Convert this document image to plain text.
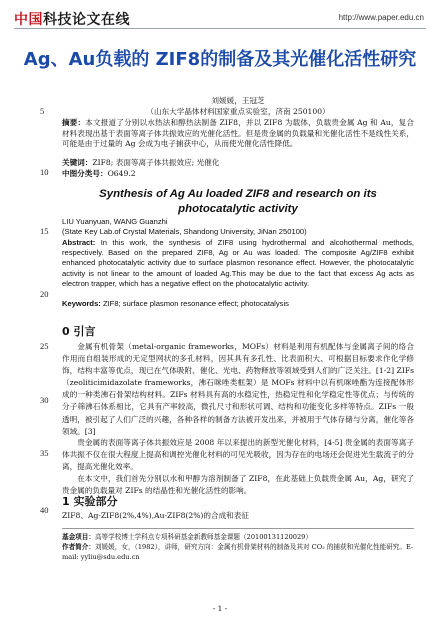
中国科技论文在线	http://www.paper.edu.cn
Ag、Au负载的 ZIF8的制备及其光催化活性研究
刘媛媛，王冠芝
（山东大学晶体材料国家重点实验室，济南 250100）
摘要：本文报道了分别以水热法和醇热法制备 ZIF8，并以 ZIF8 为载体，负载贵金属 Ag 和 Au，复合材料表现出基于表面等离子体共振效应的光催化活性。但是贵金属的负载量和光催化活性不是线性关系，可能是由于过量的 Ag 会成为电子捕获中心，从而使光催化活性降低。
关键词：ZIF8; 表面等离子体共振效应; 光催化
中图分类号：O649.2
Synthesis of Ag Au loaded ZIF8 and research on its photocatalytic activity
LIU Yuanyuan, WANG Guanzhi
(State Key Lab.of Crystal Materials, Shandong University, JiNan 250100)
Abstract: In this work, the synthesis of ZIF8 using hydrothermal and alcohothermal methods, respectively. Based on the prepared ZIF8, Ag or Au was loaded. The composite Ag/ZIF8 exhibit enhanced photocatalytic activity due to surface plasmon resonance effect. However, the photocatalytic activity is not linear to the amount of loaded Ag.This may be due to the fact that excess Ag acts as electron trapper, which has a negative effect on the photocatalytic activity.
Keywords: ZIF8; surface plasmon resonance effect; photocatalysis
0 引言
金属有机骨架（metal-organic frameworks，MOFs）材料是利用有机配体与金属离子间的络合作用而自组装形成的无定型网状的多孔材料，因其具有多孔性、比表面积大、可根据目标要求作化学修饰，结构丰富等优点，现已在气体吸附、催化、光电、药物释放等领域受到人们的广泛关注。[1-2] ZIFs（zeoliticimidazolate frameworks，沸石咪唑类框架）是 MOFs 材料中以有机咪唑酯为连接配体形成的一种类沸石骨架结构材料。ZIFs 材料具有高的水稳定性，热稳定性和化学稳定性等优点；与传统的分子筛沸石体系相比，它具有产率较高，微孔尺寸和形状可调、结构和功能变化多样等特点。ZIFs 一般透明，被引起了人们广泛的兴趣，各种各样的制备方法被开发出来，并被用于气体存储与分离，催化等各领域。[3]
贵金属的表面等离子体共振效应是 2008 年以来提出的新型光催化材料，[4-5] 贵金属的表面等离子体共振不仅在很大程度上提高和调控光催化材料的可见光吸收，因为存在的电场还会促进光生载流子的分离，提高光催化效率。
在本文中，我们首先分别以水和甲醇为溶剂制备了 ZIF8，在此基础上负载贵金属 Au，Ag，研究了贵金属的负载量对 ZIFs 的结晶性和光催化活性的影响。
1 实验部分
ZIF8、Ag-ZIF8(2%,4%),Au-ZIF8(2%)的合成和表征
5
10
15
20
25
30
35
40
基金项目：高等学校博士学科点专项科研基金新教师基金课题（20100131120029）
作者简介：刘媛媛，女，（1982），讲师，研究方向：金属有机骨架材料的制备及其对 CO₂ 的捕获和光催化性能研究。E-mail: yyliu@sdu.edu.cn
- 1 -
